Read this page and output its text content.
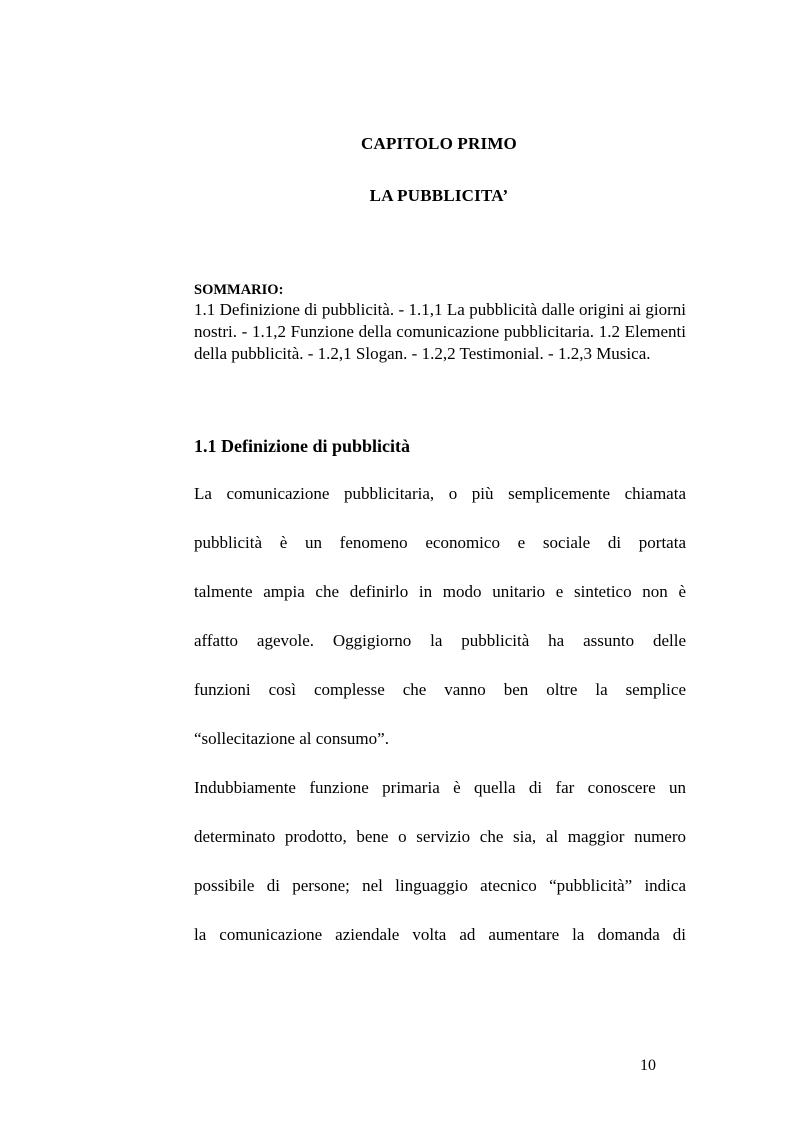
CAPITOLO PRIMO
LA PUBBLICITA’
SOMMARIO:

1.1 Definizione di pubblicità. - 1.1,1 La pubblicità dalle origini ai giorni nostri. - 1.1,2 Funzione della comunicazione pubblicitaria. 1.2 Elementi della pubblicità. - 1.2,1 Slogan. - 1.2,2 Testimonial. - 1.2,3 Musica.

1.1 Definizione di pubblicità
La comunicazione pubblicitaria, o più semplicemente chiamata
pubblicità è un fenomeno economico e sociale di portata
talmente ampia che definirlo in modo unitario e sintetico non è
affatto agevole. Oggigiorno la pubblicità ha assunto delle
funzioni così complesse che vanno ben oltre la semplice
“sollecitazione al consumo”.
Indubbiamente funzione primaria è quella di far conoscere un
determinato prodotto, bene o servizio che sia, al maggior numero
possibile di persone; nel linguaggio atecnico “pubblicità” indica
la comunicazione aziendale volta ad aumentare la domanda di
10
